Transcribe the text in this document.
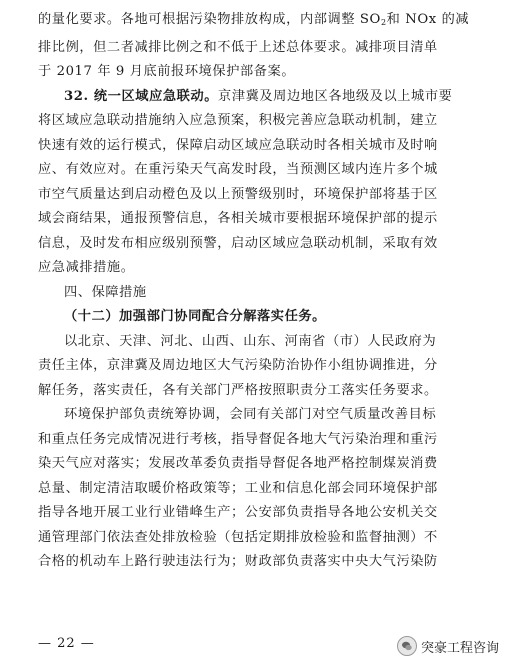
的量化要求。各地可根据污染物排放构成，内部调整 $SO_2$和 NOx 的减
排比例，但二者减排比例之和不低于上述总体要求。减排项目清单
于 2017 年 9 月底前报环境保护部备案。

32. 统一区域应急联动。京津冀及周边地区各地级及以上城市要
将区域应急联动措施纳入应急预案，积极完善应急联动机制，建立
快速有效的运行模式，保障启动区域应急联动时各相关城市及时响
应、有效应对。在重污染天气高发时段，当预测区域内连片多个城
市空气质量达到启动橙色及以上预警级别时，环境保护部将基于区
域会商结果，通报预警信息，各相关城市要根据环境保护部的提示
信息，及时发布相应级别预警，启动区域应急联动机制，采取有效
应急减排措施。

四、保障措施

（十二）加强部门协同配合分解落实任务。

以北京、天津、河北、山西、山东、河南省（市）人民政府为
责任主体，京津冀及周边地区大气污染防治协作小组协调推进，分
解任务，落实责任，各有关部门严格按照职责分工落实任务要求。

环境保护部负责统筹协调，会同有关部门对空气质量改善目标
和重点任务完成情况进行考核，指导督促各地大气污染治理和重污
染天气应对落实；发展改革委负责指导督促各地严格控制煤炭消费
总量、制定清洁取暖价格政策等；工业和信息化部会同环境保护部
指导各地开展工业行业错峰生产；公安部负责指导各地公安机关交
通管理部门依法查处排放检验（包括定期排放检验和监督抽测）不
合格的机动车上路行驶违法行为；财政部负责落实中央大气污染防

— 22 —	突豪工程咨询
